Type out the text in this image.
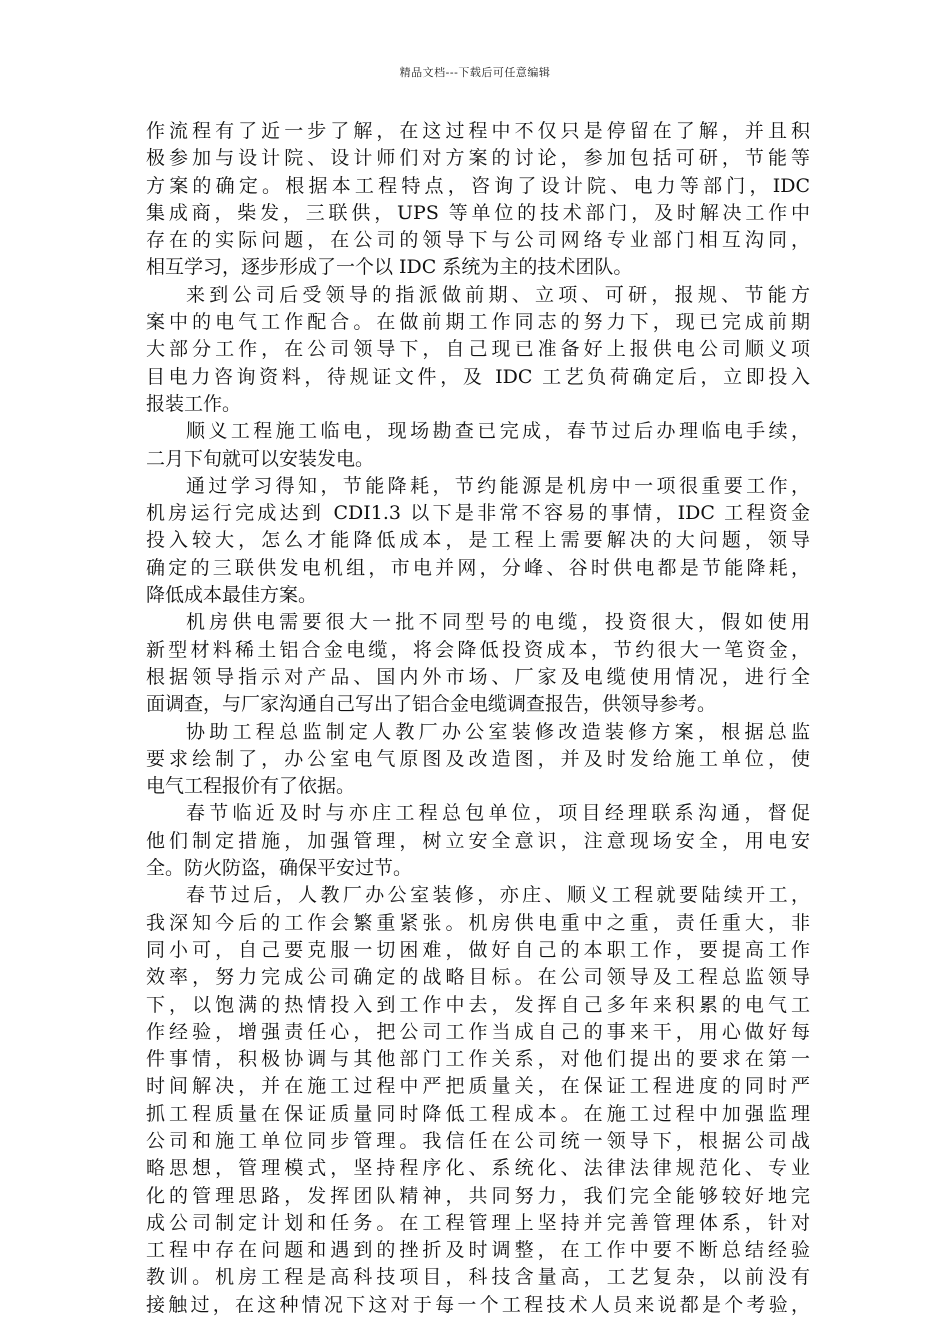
精品文档---下载后可任意编辑
作流程有了近一步了解，在这过程中不仅只是停留在了解，并且积
极参加与设计院、设计师们对方案的讨论，参加包括可研，节能等
方案的确定。根据本工程特点，咨询了设计院、电力等部门，IDC
集成商，柴发，三联供，UPS 等单位的技术部门，及时解决工作中
存在的实际问题，在公司的领导下与公司网络专业部门相互沟同，
相互学习，逐步形成了一个以 IDC 系统为主的技术团队。
来到公司后受领导的指派做前期、立项、可研，报规、节能方
案中的电气工作配合。在做前期工作同志的努力下，现已完成前期
大部分工作，在公司领导下，自己现已准备好上报供电公司顺义项
目电力咨询资料，待规证文件，及 IDC 工艺负荷确定后，立即投入
报装工作。
顺义工程施工临电，现场勘查已完成，春节过后办理临电手续，
二月下旬就可以安装发电。
通过学习得知，节能降耗，节约能源是机房中一项很重要工作，
机房运行完成达到 CDI1.3 以下是非常不容易的事情，IDC 工程资金
投入较大，怎么才能降低成本，是工程上需要解决的大问题，领导
确定的三联供发电机组，市电并网，分峰、谷时供电都是节能降耗，
降低成本最佳方案。
机房供电需要很大一批不同型号的电缆，投资很大，假如使用
新型材料稀土铝合金电缆，将会降低投资成本，节约很大一笔资金，
根据领导指示对产品、国内外市场、厂家及电缆使用情况，进行全
面调查，与厂家沟通自己写出了铝合金电缆调查报告，供领导参考。
协助工程总监制定人教厂办公室装修改造装修方案，根据总监
要求绘制了，办公室电气原图及改造图，并及时发给施工单位，使
电气工程报价有了依据。
春节临近及时与亦庄工程总包单位，项目经理联系沟通，督促
他们制定措施，加强管理，树立安全意识，注意现场安全，用电安
全。防火防盗，确保平安过节。
春节过后，人教厂办公室装修，亦庄、顺义工程就要陆续开工，
我深知今后的工作会繁重紧张。机房供电重中之重，责任重大，非
同小可，自己要克服一切困难，做好自己的本职工作，要提高工作
效率，努力完成公司确定的战略目标。在公司领导及工程总监领导
下，以饱满的热情投入到工作中去，发挥自己多年来积累的电气工
作经验，增强责任心，把公司工作当成自己的事来干，用心做好每
件事情，积极协调与其他部门工作关系，对他们提出的要求在第一
时间解决，并在施工过程中严把质量关，在保证工程进度的同时严
抓工程质量在保证质量同时降低工程成本。在施工过程中加强监理
公司和施工单位同步管理。我信任在公司统一领导下，根据公司战
略思想，管理模式，坚持程序化、系统化、法律法律规范化、专业
化的管理思路，发挥团队精神，共同努力，我们完全能够较好地完
成公司制定计划和任务。在工程管理上坚持并完善管理体系，针对
工程中存在问题和遇到的挫折及时调整，在工作中要不断总结经验
教训。机房工程是高科技项目，科技含量高，工艺复杂，以前没有
接触过，在这种情况下这对于每一个工程技术人员来说都是个考验，
